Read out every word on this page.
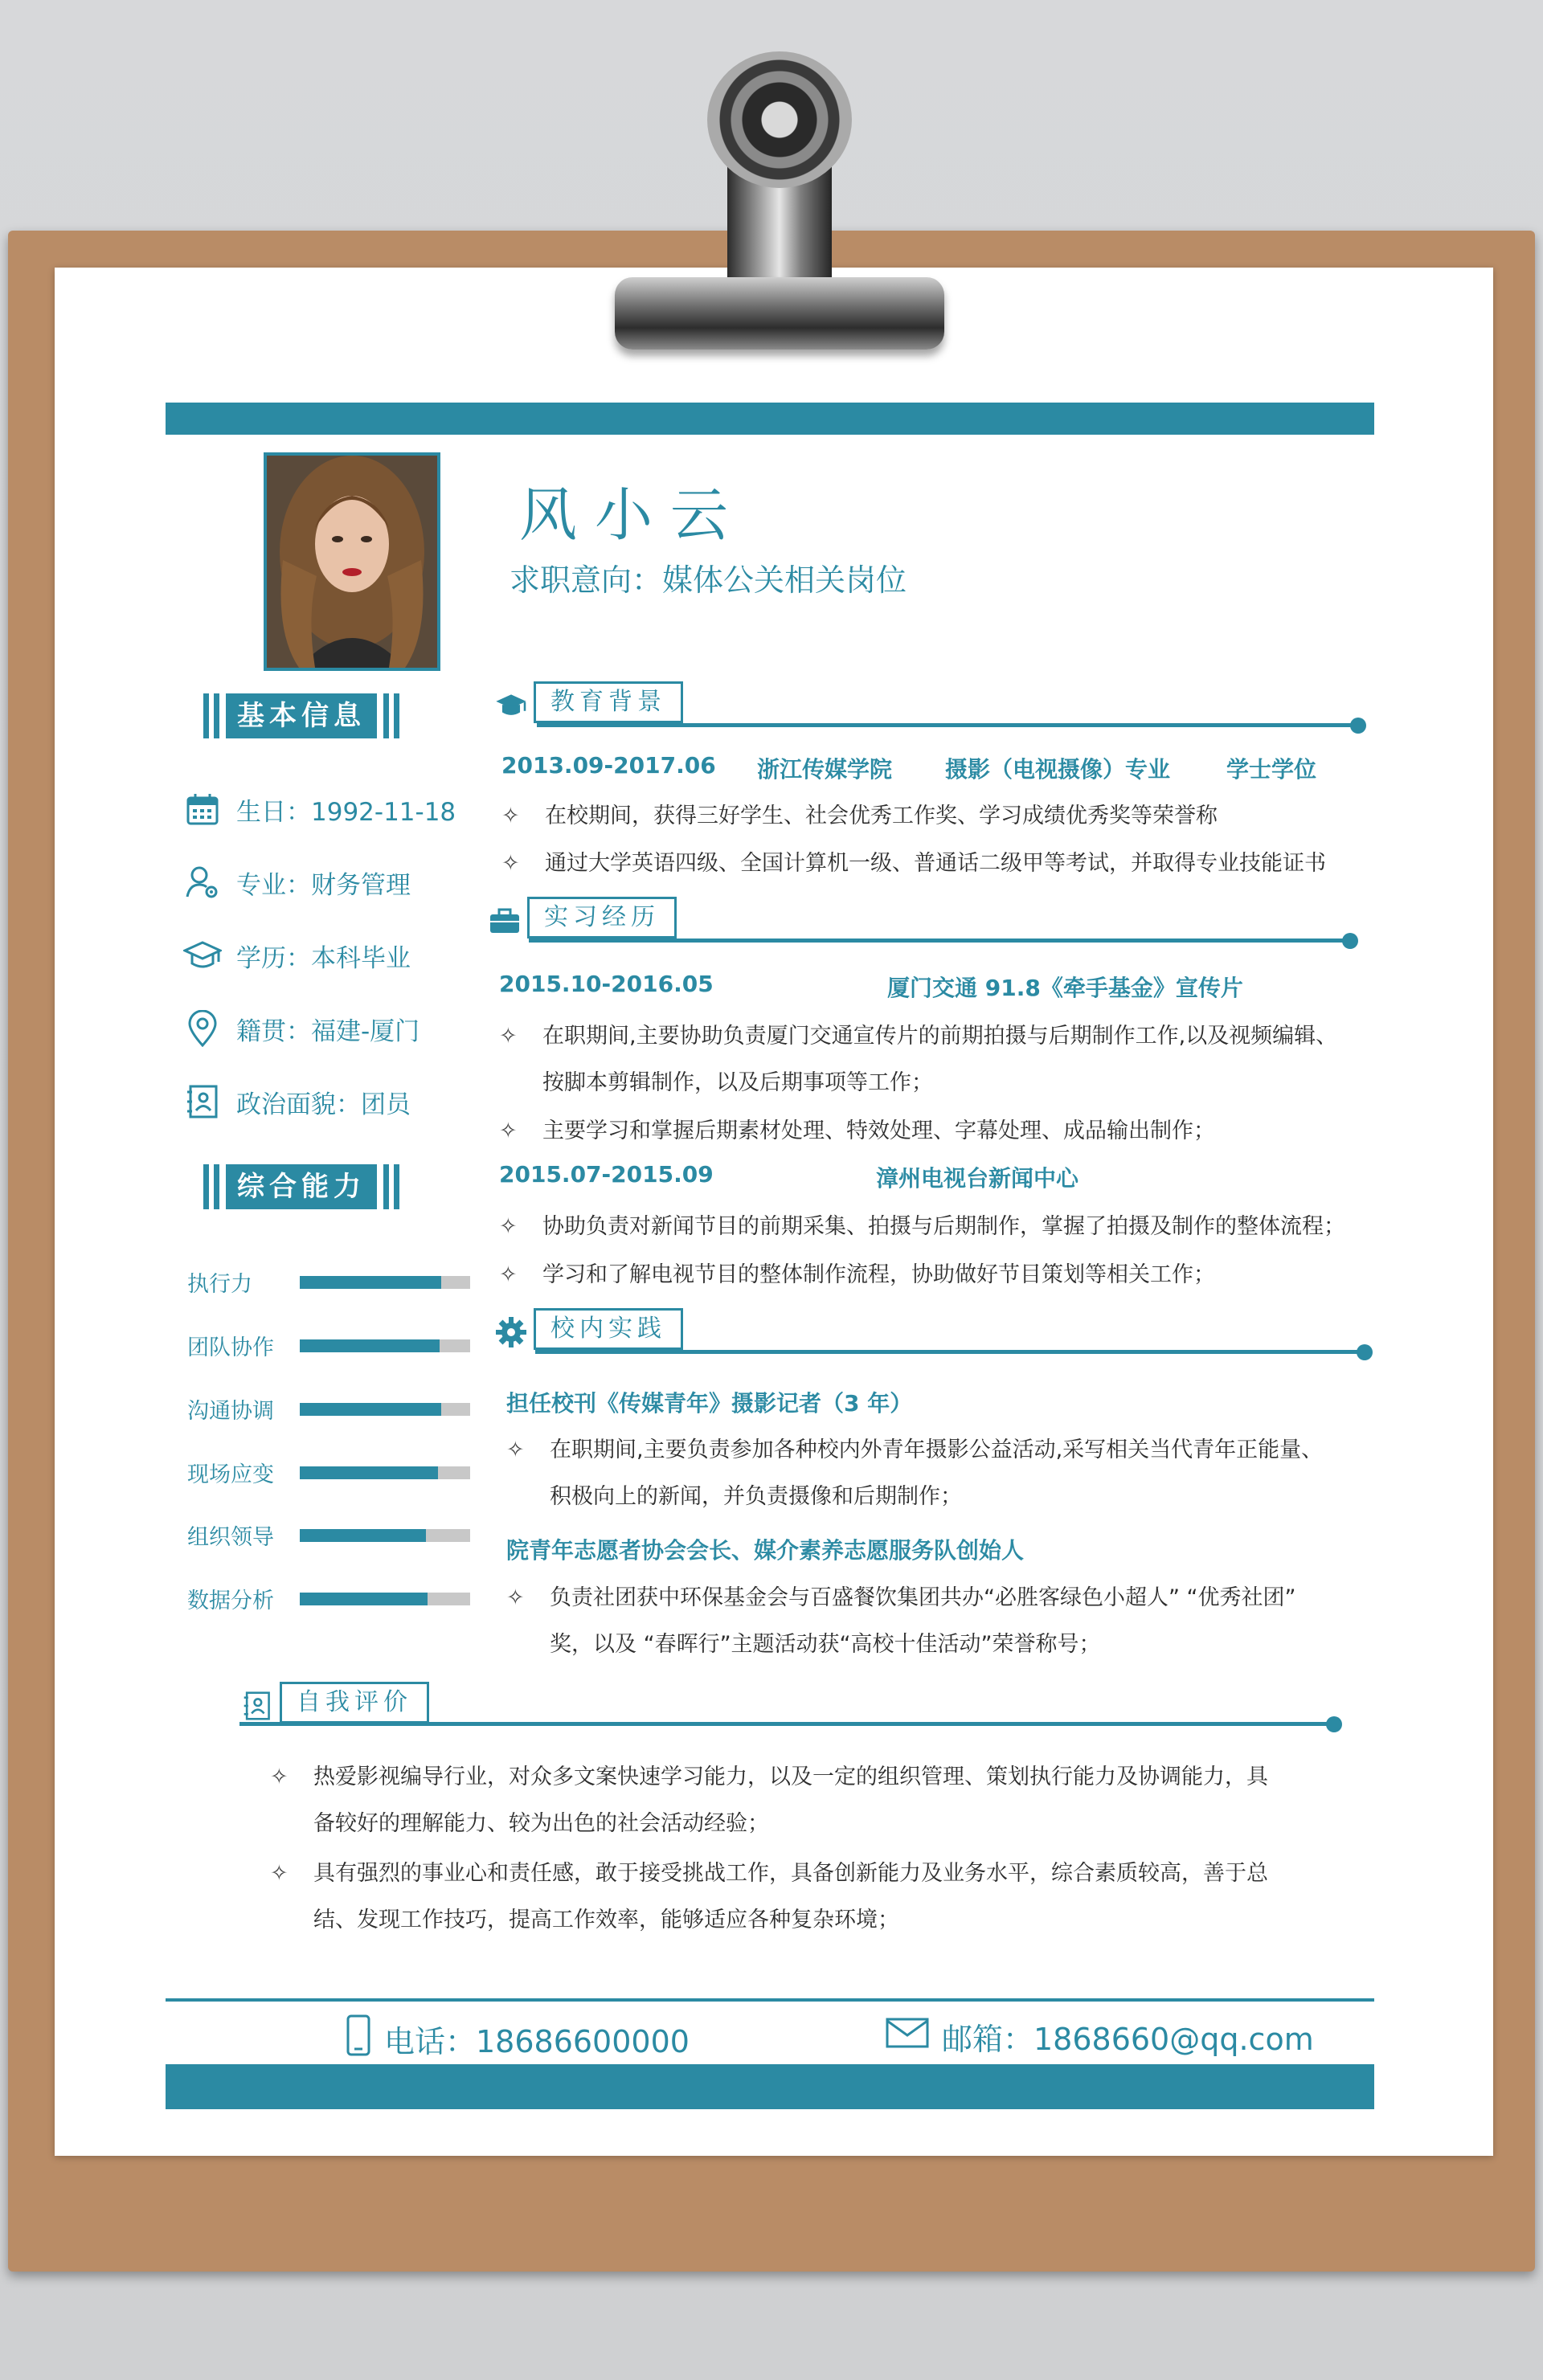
风小云
求职意向：媒体公关相关岗位
基本信息
生日：1992-11-18
专业：财务管理
学历：本科毕业
籍贯：福建-厦门
政治面貌：团员
综合能力
执行力
团队协作
沟通协调
现场应变
组织领导
数据分析
教育背景
2013.09-2017.06 浙江传媒学院 摄影（电视摄像）专业 学士学位
✧ 在校期间，获得三好学生、社会优秀工作奖、学习成绩优秀奖等荣誉称
✧ 通过大学英语四级、全国计算机一级、普通话二级甲等考试，并取得专业技能证书
实习经历
2015.10-2016.05	厦门交通 91.8《牵手基金》宣传片
✧ 在职期间,主要协助负责厦门交通宣传片的前期拍摄与后期制作工作,以及视频编辑、
按脚本剪辑制作，以及后期事项等工作；
✧ 主要学习和掌握后期素材处理、特效处理、字幕处理、成品输出制作；
2015.07-2015.09	漳州电视台新闻中心
✧ 协助负责对新闻节目的前期采集、拍摄与后期制作，掌握了拍摄及制作的整体流程；
✧ 学习和了解电视节目的整体制作流程，协助做好节目策划等相关工作；
校内实践
担任校刊《传媒青年》摄影记者（3 年）
✧ 在职期间,主要负责参加各种校内外青年摄影公益活动,采写相关当代青年正能量、
积极向上的新闻，并负责摄像和后期制作；
院青年志愿者协会会长、媒介素养志愿服务队创始人
✧ 负责社团获中环保基金会与百盛餐饮集团共办“必胜客绿色小超人” “优秀社团”
奖，以及 “春晖行”主题活动获“高校十佳活动”荣誉称号；
自我评价
✧ 热爱影视编导行业，对众多文案快速学习能力，以及一定的组织管理、策划执行能力及协调能力，具
备较好的理解能力、较为出色的社会活动经验；
✧ 具有强烈的事业心和责任感，敢于接受挑战工作，具备创新能力及业务水平，综合素质较高，善于总
结、发现工作技巧，提高工作效率，能够适应各种复杂环境；
电话：18686600000	邮箱：1868660@qq.com
